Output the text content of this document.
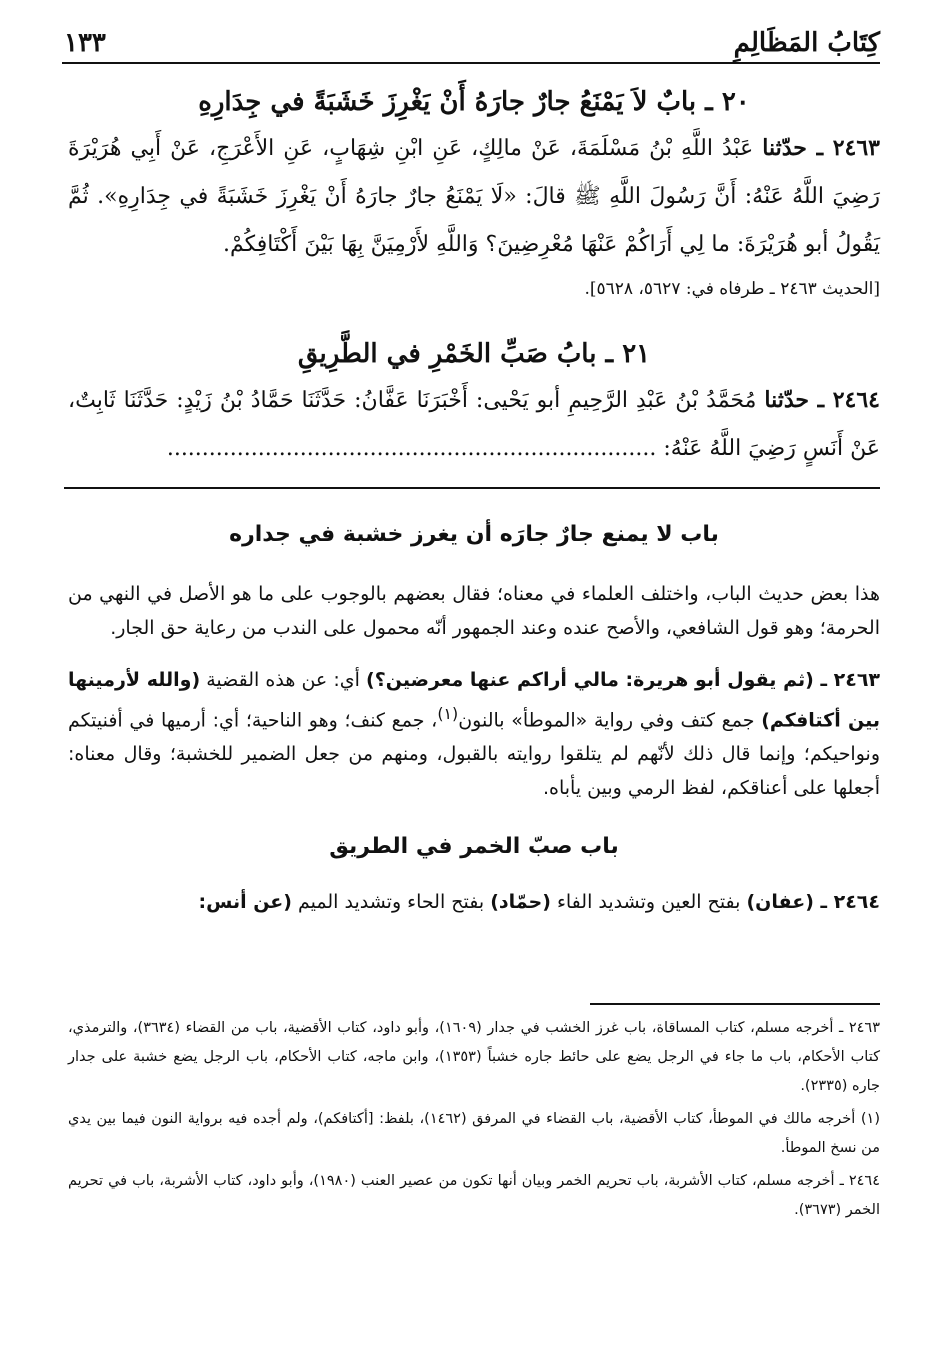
كِتَابُ المَظَالِمِ
١٣٣

٢٠ ـ بابٌ لاَ يَمْنَعُ جارٌ جارَهُ أَنْ يَغْرِزَ خَشَبَةً في جِدَارِهِ

٢٤٦٣ ـ حدّثنا عَبْدُ اللَّهِ بْنُ مَسْلَمَةَ، عَنْ مالِكٍ، عَنِ ابْنِ شِهَابٍ، عَنِ الأَعْرَجِ، عَنْ أَبِي هُرَيْرَةَ رَضِيَ اللَّهُ عَنْهُ: أَنَّ رَسُولَ اللَّهِ ﷺ قالَ: «لَا يَمْنَعُ جارٌ جارَهُ أَنْ يَغْرِزَ خَشَبَةً في جِدَارِهِ». ثُمَّ يَقُولُ أبو هُرَيْرَةَ: ما لِي أَرَاكُمْ عَنْهَا مُعْرِضِينَ؟ وَاللَّهِ لأَرْمِيَنَّ بِهَا بَيْنَ أَكْتَافِكُمْ.

[الحديث ٢٤٦٣ ـ طرفاه في: ٥٦٢٧، ٥٦٢٨].

٢١ ـ بابُ صَبِّ الخَمْرِ في الطَّرِيقِ

٢٤٦٤ ـ حدّثنا مُحَمَّدُ بْنُ عَبْدِ الرَّحِيمِ أبو يَحْيى: أَخْبَرَنَا عَفَّانُ: حَدَّثَنَا حَمَّادُ بْنُ زَيْدٍ: حَدَّثَنَا ثَابِتٌ، عَنْ أَنَسٍ رَضِيَ اللَّهُ عَنْهُ: ......................................................................

باب لا يمنع جارٌ جارَه أن يغرز خشبة في جداره

هذا بعض حديث الباب، واختلف العلماء في معناه؛ فقال بعضهم بالوجوب على ما هو الأصل في النهي من الحرمة؛ وهو قول الشافعي، والأصح عنده وعند الجمهور أنّه محمول على الندب من رعاية حق الجار.

٢٤٦٣ ـ (ثم يقول أبو هريرة: مالي أراكم عنها معرضين؟) أي: عن هذه القضية (والله لأرمينها بين أكتافكم) جمع كتف وفي رواية «الموطأ» بالنون$^{(١)}$، جمع كنف؛ وهو الناحية؛ أي: أرميها في أفنيتكم ونواحيكم؛ وإنما قال ذلك لأنّهم لم يتلقوا روايته بالقبول، ومنهم من جعل الضمير للخشبة؛ وقال معناه: أجعلها على أعناقكم، لفظ الرمي وبين يأباه.

باب صبّ الخمر في الطريق

٢٤٦٤ ـ (عفان) بفتح العين وتشديد الفاء (حمّاد) بفتح الحاء وتشديد الميم (عن أنس:

٢٤٦٣ ـ أخرجه مسلم، كتاب المساقاة، باب غرز الخشب في جدار (١٦٠٩)، وأبو داود، كتاب الأقضية، باب من القضاء (٣٦٣٤)، والترمذي، كتاب الأحكام، باب ما جاء في الرجل يضع على حائط جاره خشباً (١٣٥٣)، وابن ماجه، كتاب الأحكام، باب الرجل يضع خشبة على جدار جاره (٢٣٣٥).

(١) أخرجه مالك في الموطأ، كتاب الأقضية، باب القضاء في المرفق (١٤٦٢)، بلفظ: [أكتافكم)، ولم أجده فيه برواية النون فيما بين يدي من نسخ الموطأ.

٢٤٦٤ ـ أخرجه مسلم، كتاب الأشربة، باب تحريم الخمر وبيان أنها تكون من عصير العنب (١٩٨٠)، وأبو داود، كتاب الأشربة، باب في تحريم الخمر (٣٦٧٣).
